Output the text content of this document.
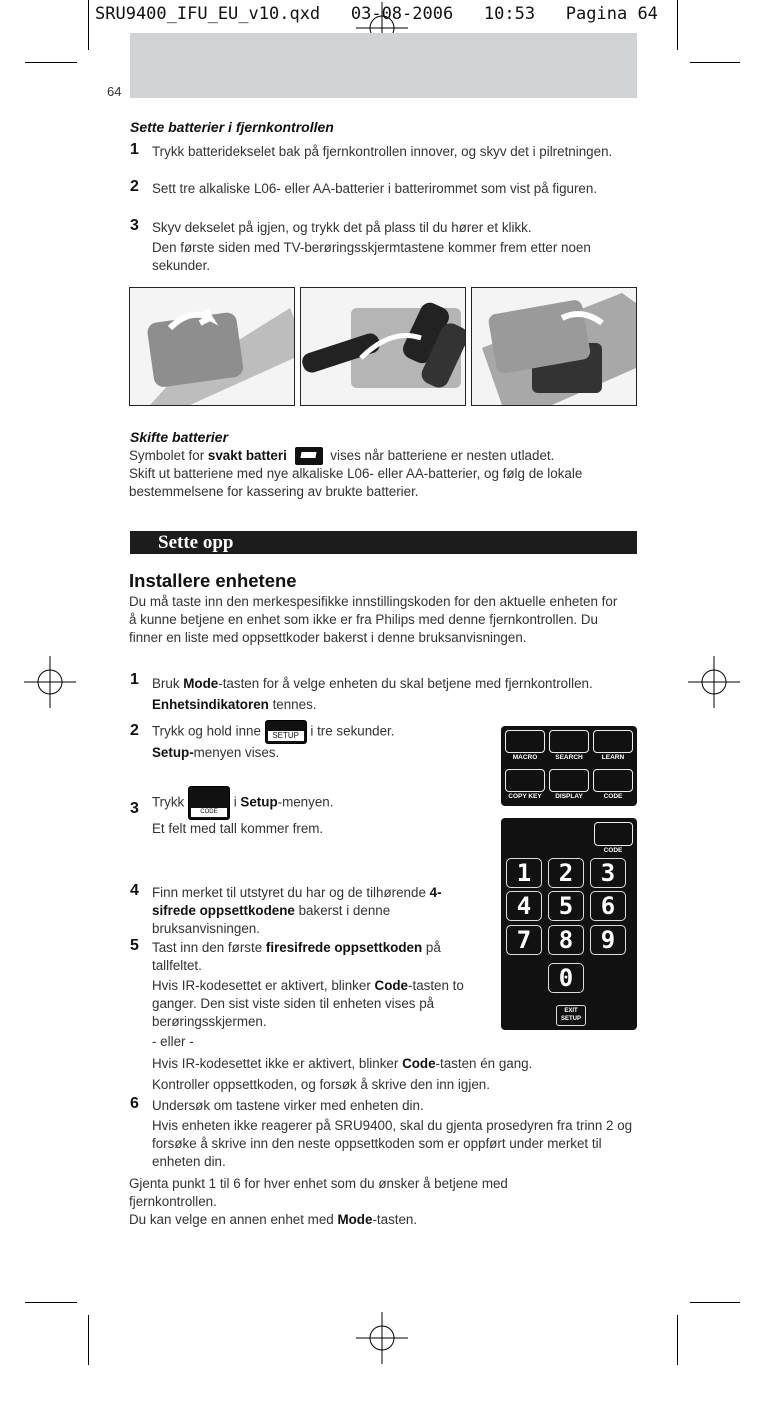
SRU9400_IFU_EU_v10.qxd   03-08-2006   10:53   Pagina 64
64
Sette batterier i fjernkontrollen
1 Trykk batteridekselet bak på fjernkontrollen innover, og skyv det i pilretningen.
2 Sett tre alkaliske L06- eller AA-batterier i batterirommet som vist på figuren.
3 Skyv dekselet på igjen, og trykk det på plass til du hører et klikk.
Den første siden med TV-berøringsskjermtastene kommer frem etter noen sekunder.
Skifte batterier
Symbolet for svakt batteri	vises når batteriene er nesten utladet.
Skift ut batteriene med nye alkaliske L06- eller AA-batterier, og følg de lokale bestemmelsene for kassering av brukte batterier.
Sette opp
Installere enhetene
Du må taste inn den merkespesifikke innstillingskoden for den aktuelle enheten for å kunne betjene en enhet som ikke er fra Philips med denne fjernkontrollen. Du finner en liste med oppsettkoder bakerst i denne bruksanvisningen.
1 Bruk Mode-tasten for å velge enheten du skal betjene med fjernkontrollen.
Enhetsindikatoren tennes.
2 Trykk og hold inne	SETUP i tre sekunder.
Setup-menyen vises.
3 Trykk
CODE
i Setup-menyen.
Et felt med tall kommer frem.
4 Finn merket til utstyret du har og de tilhørende 4-sifrede oppsettkodene bakerst i denne bruksanvisningen.
5 Tast inn den første firesifrede oppsettkoden på tallfeltet.
Hvis IR-kodesettet er aktivert, blinker Code-tasten to ganger. Den sist viste siden til enheten vises på berøringsskjermen.
- eller -
Hvis IR-kodesettet ikke er aktivert, blinker Code-tasten én gang.
Kontroller oppsettkoden, og forsøk å skrive den inn igjen.
6 Undersøk om tastene virker med enheten din.
Hvis enheten ikke reagerer på SRU9400, skal du gjenta prosedyren fra trinn 2 og forsøke å skrive inn den neste oppsettkoden som er oppført under merket til enheten din.
Gjenta punkt 1 til 6 for hver enhet som du ønsker å betjene med fjernkontrollen.
Du kan velge en annen enhet med Mode-tasten.
MACRO	SEARCH	LEARN
COPY KEY	DISPLAY	CODE
CODE
1	2	3
4	5	6
7	8	9
0
EXIT
SETUP
